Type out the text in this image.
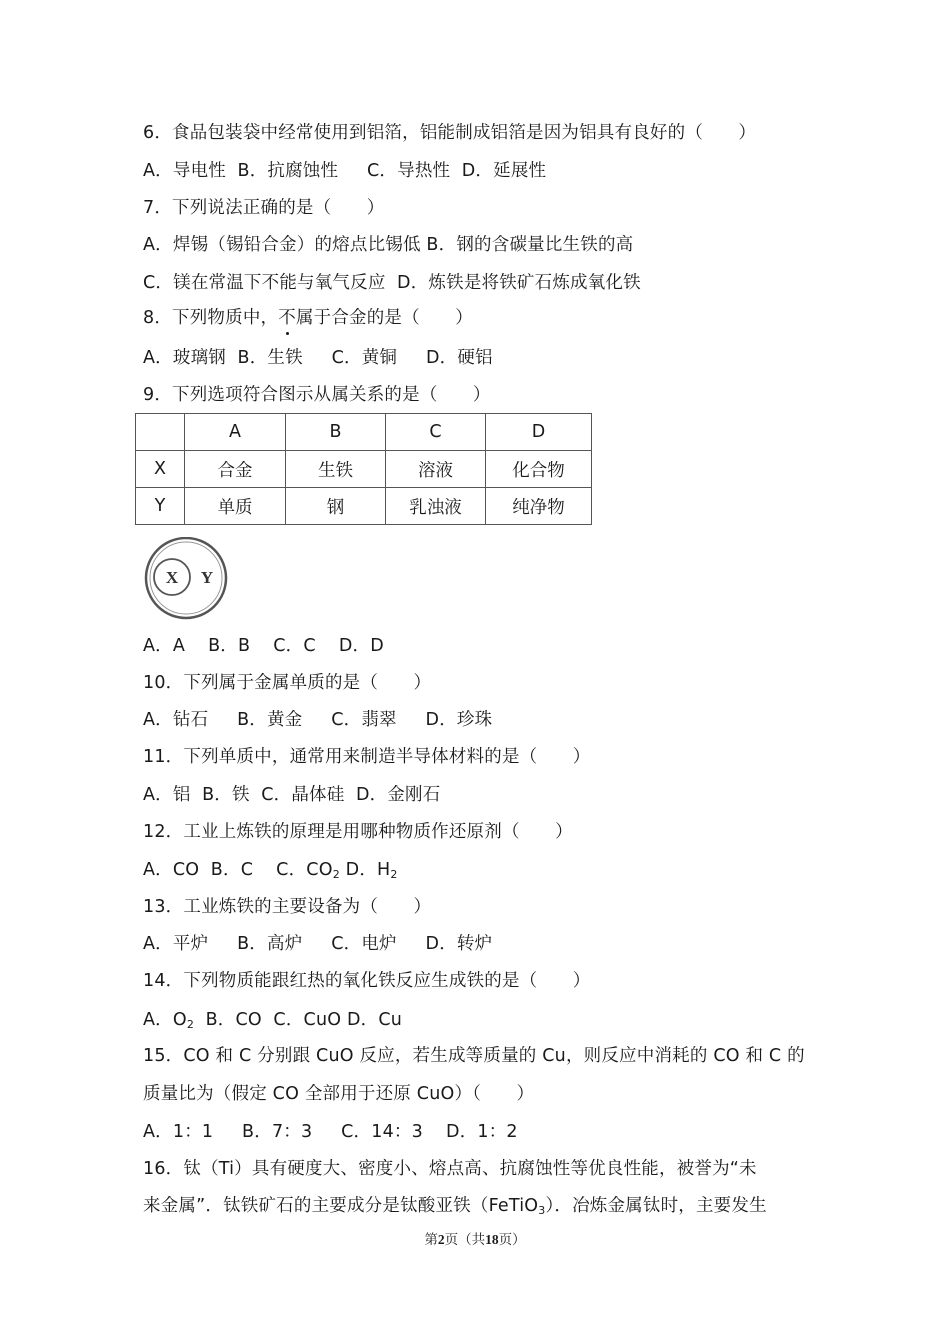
6．食品包装袋中经常使用到铝箔，铝能制成铝箔是因为铝具有良好的（　　）
A．导电性  B．抗腐蚀性     C．导热性  D．延展性
7．下列说法正确的是（　　）
A．焊锡（锡铅合金）的熔点比锡低 B．钢的含碳量比生铁的高
C．镁在常温下不能与氧气反应  D．炼铁是将铁矿石炼成氧化铁
8．下列物质中，不属于合金的是（　　）
A．玻璃钢  B．生铁     C．黄铜     D．硬铝
9．下列选项符合图示从属关系的是（　　）
	A	B	C	D
X	合金	生铁	溶液	化合物
Y	单质	钢	乳浊液	纯净物
X Y
A．A    B．B    C．C    D．D
10．下列属于金属单质的是（　　）
A．钻石     B．黄金     C．翡翠     D．珍珠
11．下列单质中，通常用来制造半导体材料的是（　　）
A．铝  B．铁  C．晶体硅  D．金刚石
12．工业上炼铁的原理是用哪种物质作还原剂（　　）
A．CO  B．C    C．$CO_2$ D．$H_2$
13．工业炼铁的主要设备为（　　）
A．平炉     B．高炉     C．电炉     D．转炉
14．下列物质能跟红热的氧化铁反应生成铁的是（　　）
A．$O_2$  B．CO  C．CuO D．Cu
15．CO 和 C 分别跟 CuO 反应，若生成等质量的 Cu，则反应中消耗的 CO 和 C 的
质量比为（假定 CO 全部用于还原 CuO）（　　）
A．1：1     B．7：3     C．14：3    D．1：2
16．钛（Ti）具有硬度大、密度小、熔点高、抗腐蚀性等优良性能，被誉为“未
来金属”．钛铁矿石的主要成分是钛酸亚铁（FeTiO$_3$）．冶炼金属钛时，主要发生
第2页（共18页）
